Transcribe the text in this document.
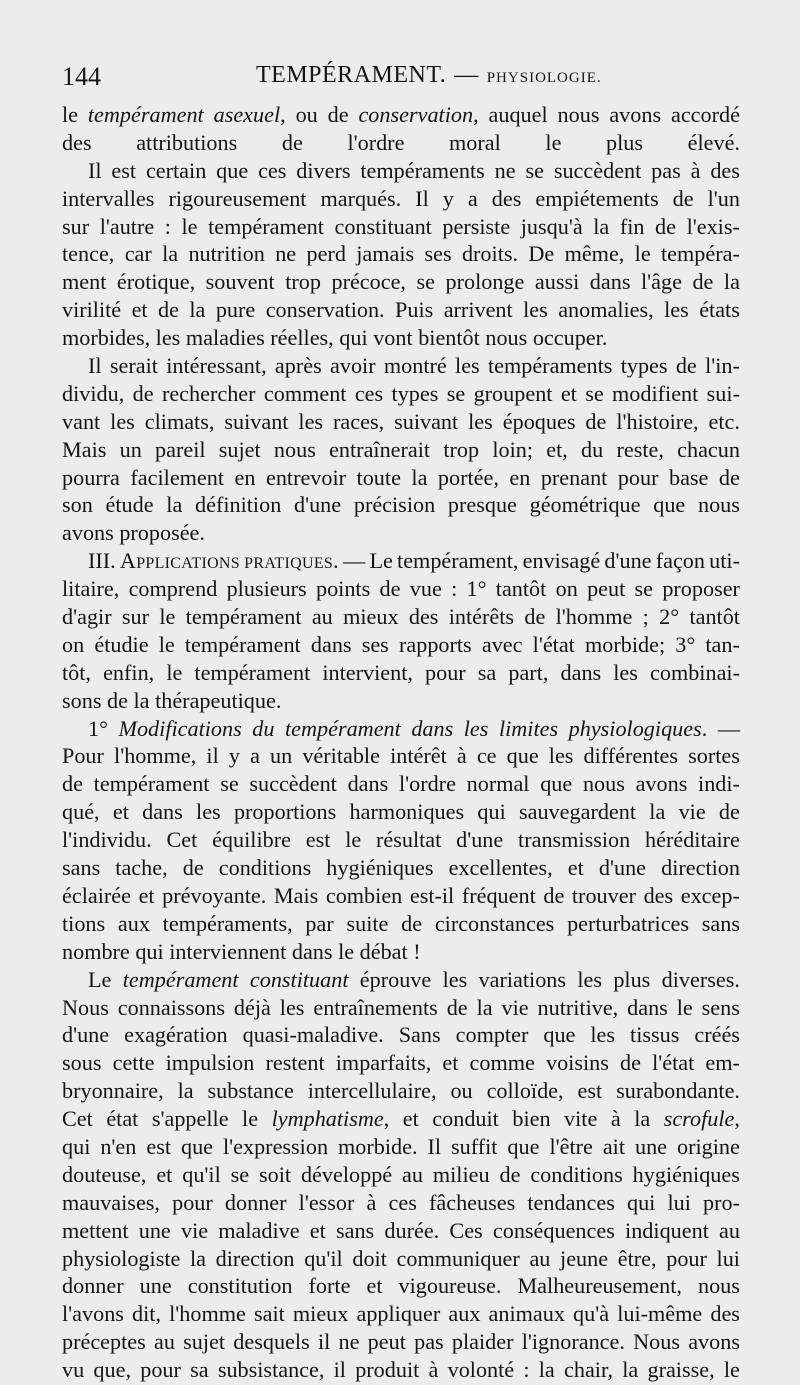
144	TEMPÉRAMENT. — PHYSIOLOGIE.
le tempérament asexuel, ou de conservation, auquel nous avons accordé
des attributions de l'ordre moral le plus élevé.
Il est certain que ces divers tempéraments ne se succèdent pas à des
intervalles rigoureusement marqués. Il y a des empiétements de l'un
sur l'autre : le tempérament constituant persiste jusqu'à la fin de l'exis-
tence, car la nutrition ne perd jamais ses droits. De même, le tempéra-
ment érotique, souvent trop précoce, se prolonge aussi dans l'âge de la
virilité et de la pure conservation. Puis arrivent les anomalies, les états
morbides, les maladies réelles, qui vont bientôt nous occuper.
Il serait intéressant, après avoir montré les tempéraments types de l'in-
dividu, de rechercher comment ces types se groupent et se modifient sui-
vant les climats, suivant les races, suivant les époques de l'histoire, etc.
Mais un pareil sujet nous entraînerait trop loin; et, du reste, chacun
pourra facilement en entrevoir toute la portée, en prenant pour base de
son étude la définition d'une précision presque géométrique que nous
avons proposée.
III. Applications pratiques. — Le tempérament, envisagé d'une façon uti-
litaire, comprend plusieurs points de vue : 1° tantôt on peut se proposer
d'agir sur le tempérament au mieux des intérêts de l'homme ; 2° tantôt
on étudie le tempérament dans ses rapports avec l'état morbide; 3° tan-
tôt, enfin, le tempérament intervient, pour sa part, dans les combinai-
sons de la thérapeutique.
1° Modifications du tempérament dans les limites physiologiques. —
Pour l'homme, il y a un véritable intérêt à ce que les différentes sortes
de tempérament se succèdent dans l'ordre normal que nous avons indi-
qué, et dans les proportions harmoniques qui sauvegardent la vie de
l'individu. Cet équilibre est le résultat d'une transmission héréditaire
sans tache, de conditions hygiéniques excellentes, et d'une direction
éclairée et prévoyante. Mais combien est-il fréquent de trouver des excep-
tions aux tempéraments, par suite de circonstances perturbatrices sans
nombre qui interviennent dans le débat !
Le tempérament constituant éprouve les variations les plus diverses.
Nous connaissons déjà les entraînements de la vie nutritive, dans le sens
d'une exagération quasi-maladive. Sans compter que les tissus créés
sous cette impulsion restent imparfaits, et comme voisins de l'état em-
bryonnaire, la substance intercellulaire, ou colloïde, est surabondante.
Cet état s'appelle le lymphatisme, et conduit bien vite à la scrofule,
qui n'en est que l'expression morbide. Il suffit que l'être ait une origine
douteuse, et qu'il se soit développé au milieu de conditions hygiéniques
mauvaises, pour donner l'essor à ces fâcheuses tendances qui lui pro-
mettent une vie maladive et sans durée. Ces conséquences indiquent au
physiologiste la direction qu'il doit communiquer au jeune être, pour lui
donner une constitution forte et vigoureuse. Malheureusement, nous
l'avons dit, l'homme sait mieux appliquer aux animaux qu'à lui-même des
préceptes au sujet desquels il ne peut pas plaider l'ignorance. Nous avons
vu que, pour sa subsistance, il produit à volonté : la chair, la graisse, le
